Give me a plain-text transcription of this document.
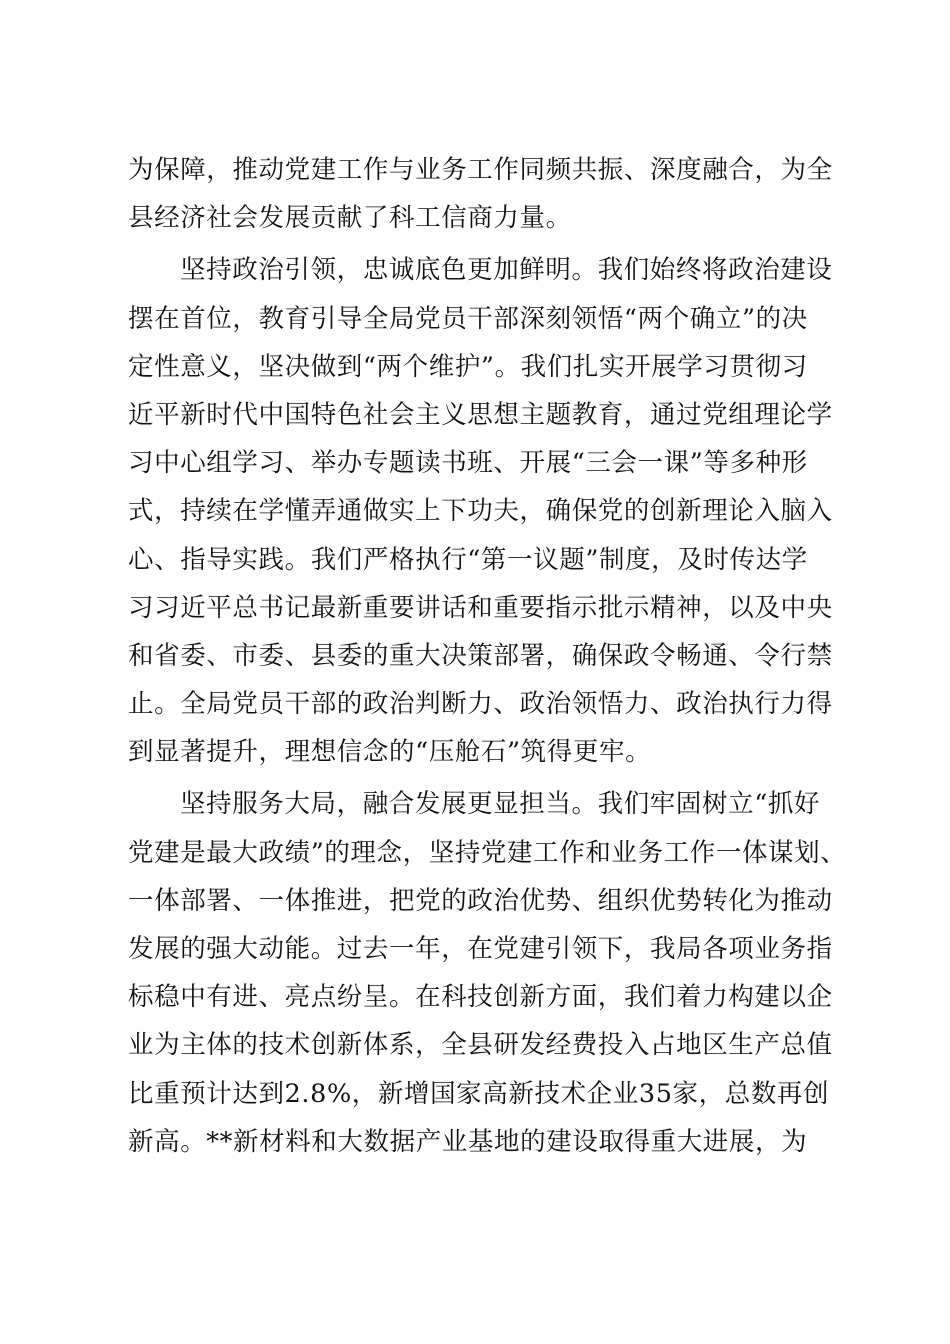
为保障，推动党建工作与业务工作同频共振、深度融合，为全
县经济社会发展贡献了科工信商力量。
坚持政治引领，忠诚底色更加鲜明。我们始终将政治建设
摆在首位，教育引导全局党员干部深刻领悟“两个确立”的决
定性意义，坚决做到“两个维护”。我们扎实开展学习贯彻习
近平新时代中国特色社会主义思想主题教育，通过党组理论学
习中心组学习、举办专题读书班、开展“三会一课”等多种形
式，持续在学懂弄通做实上下功夫，确保党的创新理论入脑入
心、指导实践。我们严格执行“第一议题”制度，及时传达学
习习近平总书记最新重要讲话和重要指示批示精神，以及中央
和省委、市委、县委的重大决策部署，确保政令畅通、令行禁
止。全局党员干部的政治判断力、政治领悟力、政治执行力得
到显著提升，理想信念的“压舱石”筑得更牢。
坚持服务大局，融合发展更显担当。我们牢固树立“抓好
党建是最大政绩”的理念，坚持党建工作和业务工作一体谋划、
一体部署、一体推进，把党的政治优势、组织优势转化为推动
发展的强大动能。过去一年，在党建引领下，我局各项业务指
标稳中有进、亮点纷呈。在科技创新方面，我们着力构建以企
业为主体的技术创新体系，全县研发经费投入占地区生产总值
比重预计达到2.8%，新增国家高新技术企业35家，总数再创
新高。**新材料和大数据产业基地的建设取得重大进展，为
